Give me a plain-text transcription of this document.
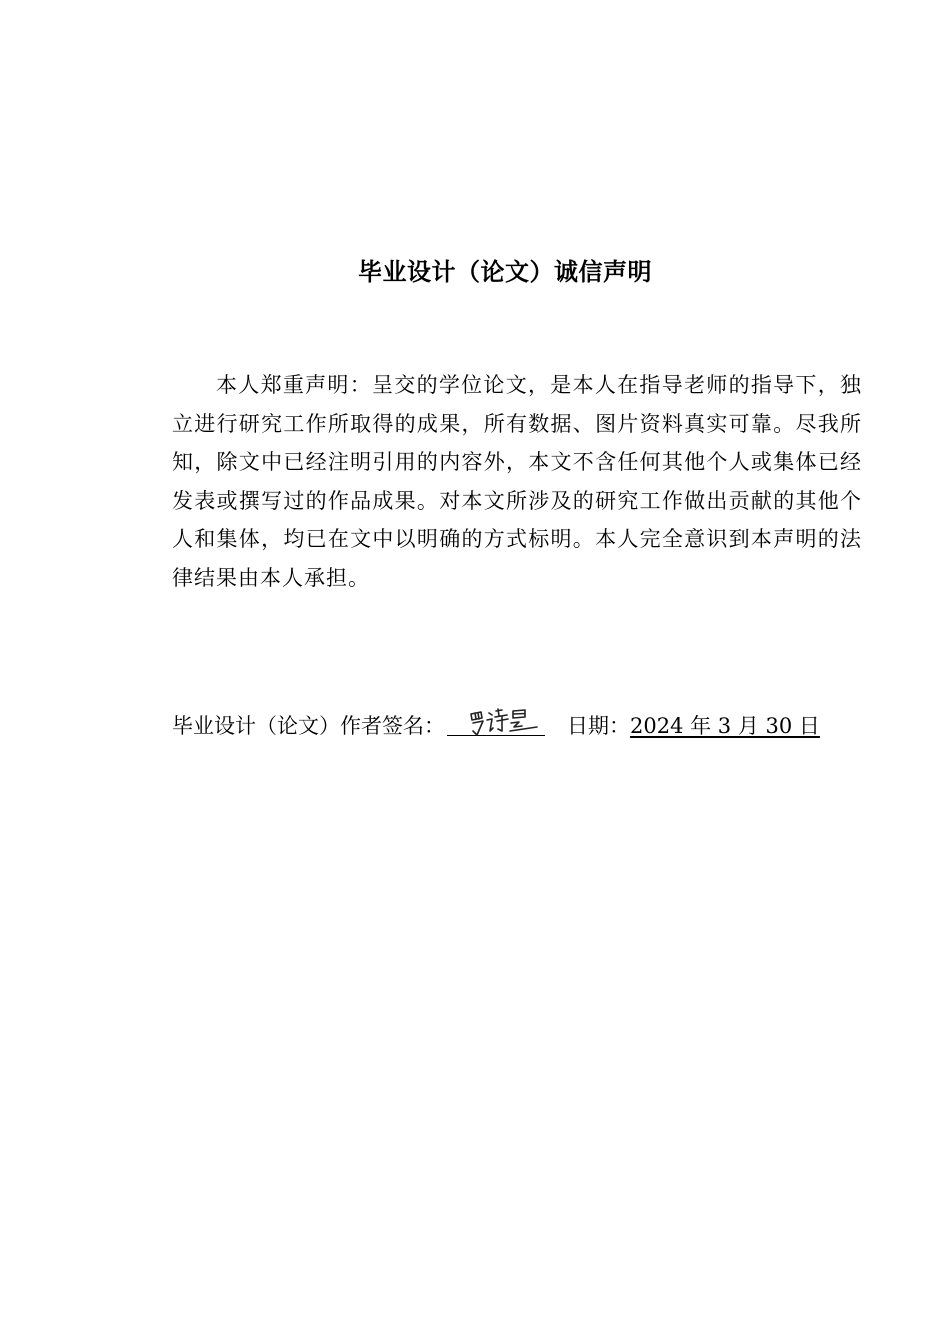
毕业设计（论文）诚信声明
本人郑重声明：呈交的学位论文，是本人在指导老师的指导下，独立进行研究工作所取得的成果，所有数据、图片资料真实可靠。尽我所知，除文中已经注明引用的内容外，本文不含任何其他个人或集体已经发表或撰写过的作品成果。对本文所涉及的研究工作做出贡献的其他个人和集体，均已在文中以明确的方式标明。本人完全意识到本声明的法律结果由本人承担。
毕业设计（论文）作者签名：	日期：2024 年 3 月 30 日
